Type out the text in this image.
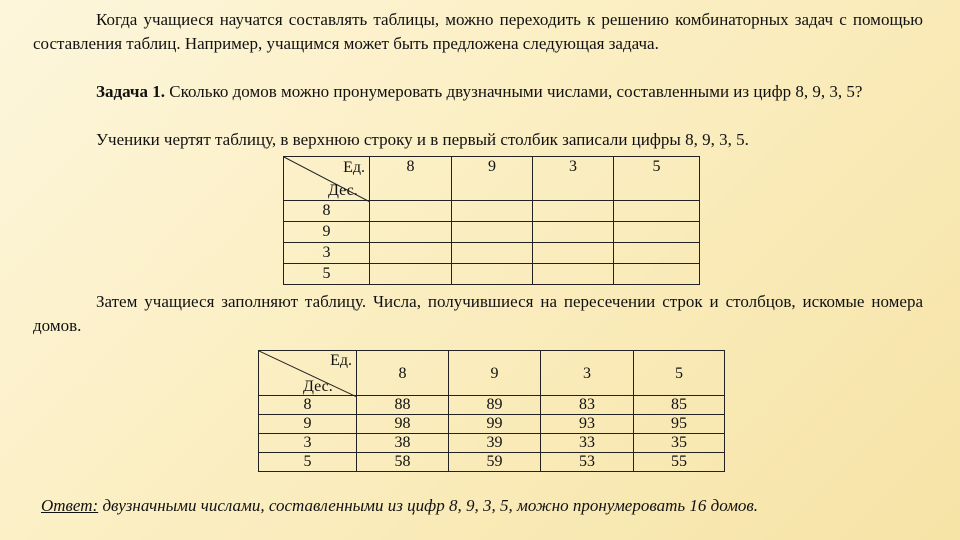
Когда учащиеся научатся составлять таблицы, можно переходить к решению комбинаторных задач с помощью составления таблиц. Например, учащимся может быть предложена следующая задача.

Задача 1. Сколько домов можно пронумеровать двузначными числами, составленными из цифр 8, 9, 3, 5?

Ученики чертят таблицу, в верхнюю строку и в первый столбик записали цифры 8, 9, 3, 5.

Ед.
Дес.	8	9	3	5
8				
9				
3				
5				

Затем учащиеся заполняют таблицу. Числа, получившиеся на пересечении строк и столбцов, искомые номера домов.

Ед.
Дес.	8	9	3	5
8	88	89	83	85
9	98	99	93	95
3	38	39	33	35
5	58	59	53	55

Ответ: двузначными числами, составленными из цифр 8, 9, 3, 5, можно пронумеровать 16 домов.
